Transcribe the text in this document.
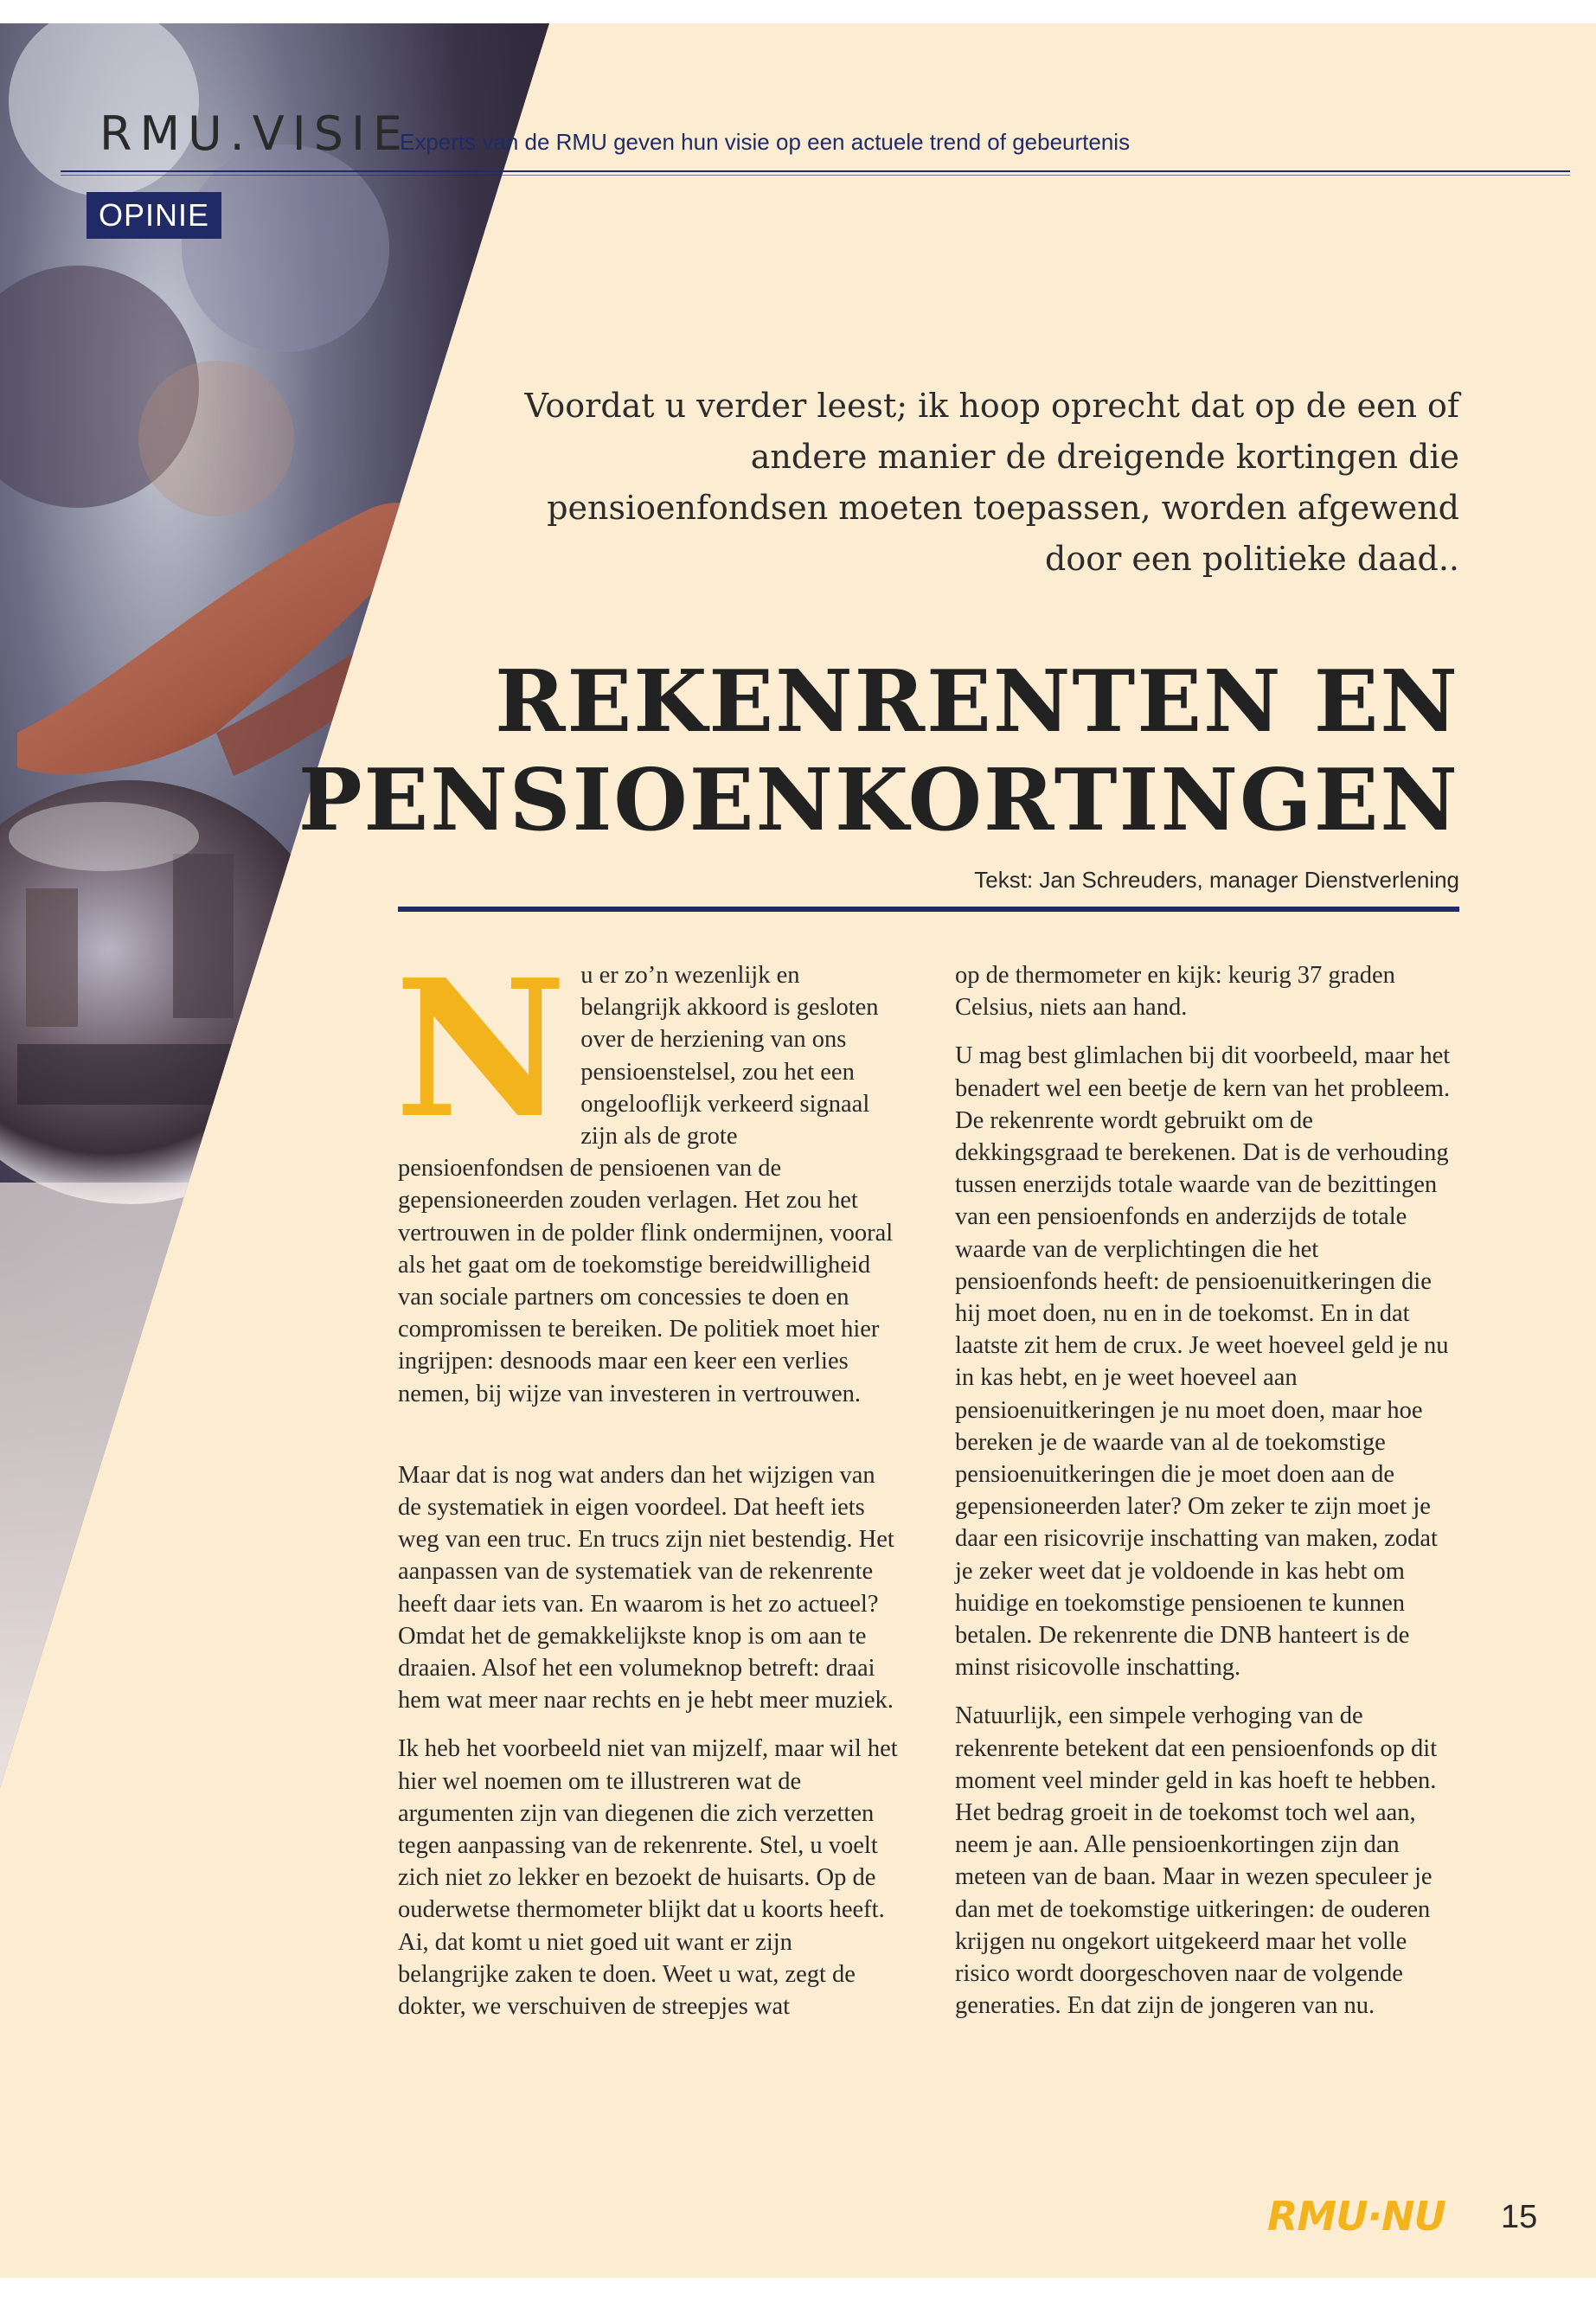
RMU.VISIE
Experts van de RMU geven hun visie op een actuele trend of gebeurtenis
OPINIE
Voordat u verder leest; ik hoop oprecht dat op de een of andere manier de dreigende kortingen die pensioenfondsen moeten toepassen, worden afgewend door een politieke daad..
REKENRENTEN EN
PENSIOENKORTINGEN
Tekst: Jan Schreuders, manager Dienstverlening

Nu er zo’n wezenlijk en belangrijk akkoord is gesloten over de herziening van ons pensioenstelsel, zou het een ongelooflijk verkeerd signaal zijn als de grote pensioenfondsen de pensioenen van de gepensioneerden zouden verlagen. Het zou het vertrouwen in de polder flink ondermijnen, vooral als het gaat om de toekomstige bereidwilligheid van sociale partners om concessies te doen en compromissen te bereiken. De politiek moet hier ingrijpen: desnoods maar een keer een verlies nemen, bij wijze van investeren in vertrouwen.

Maar dat is nog wat anders dan het wijzigen van de systematiek in eigen voordeel. Dat heeft iets weg van een truc. En trucs zijn niet bestendig. Het aanpassen van de systematiek van de rekenrente heeft daar iets van. En waarom is het zo actueel? Omdat het de gemakkelijkste knop is om aan te draaien. Alsof het een volumeknop betreft: draai hem wat meer naar rechts en je hebt meer muziek.

Ik heb het voorbeeld niet van mijzelf, maar wil het hier wel noemen om te illustreren wat de argumenten zijn van diegenen die zich verzetten tegen aanpassing van de rekenrente. Stel, u voelt zich niet zo lekker en bezoekt de huisarts. Op de ouderwetse thermometer blijkt dat u koorts heeft. Ai, dat komt u niet goed uit want er zijn belangrijke zaken te doen. Weet u wat, zegt de dokter, we verschuiven de streepjes wat

op de thermometer en kijk: keurig 37 graden Celsius, niets aan hand.

U mag best glimlachen bij dit voorbeeld, maar het benadert wel een beetje de kern van het probleem. De rekenrente wordt gebruikt om de dekkingsgraad te berekenen. Dat is de verhouding tussen enerzijds totale waarde van de bezittingen van een pensioenfonds en anderzijds de totale waarde van de verplichtingen die het pensioenfonds heeft: de pensioenuitkeringen die hij moet doen, nu en in de toekomst. En in dat laatste zit hem de crux. Je weet hoeveel geld je nu in kas hebt, en je weet hoeveel aan pensioenuitkeringen je nu moet doen, maar hoe bereken je de waarde van al de toekomstige pensioenuitkeringen die je moet doen aan de gepensioneerden later? Om zeker te zijn moet je daar een risicovrije inschatting van maken, zodat je zeker weet dat je voldoende in kas hebt om huidige en toekomstige pensioenen te kunnen betalen. De rekenrente die DNB hanteert is de minst risicovolle inschatting.

Natuurlijk, een simpele verhoging van de rekenrente betekent dat een pensioenfonds op dit moment veel minder geld in kas hoeft te hebben. Het bedrag groeit in de toekomst toch wel aan, neem je aan. Alle pensioenkortingen zijn dan meteen van de baan. Maar in wezen speculeer je dan met de toekomstige uitkeringen: de ouderen krijgen nu ongekort uitgekeerd maar het volle risico wordt doorgeschoven naar de volgende generaties. En dat zijn de jongeren van nu.

RMU·NU 15
